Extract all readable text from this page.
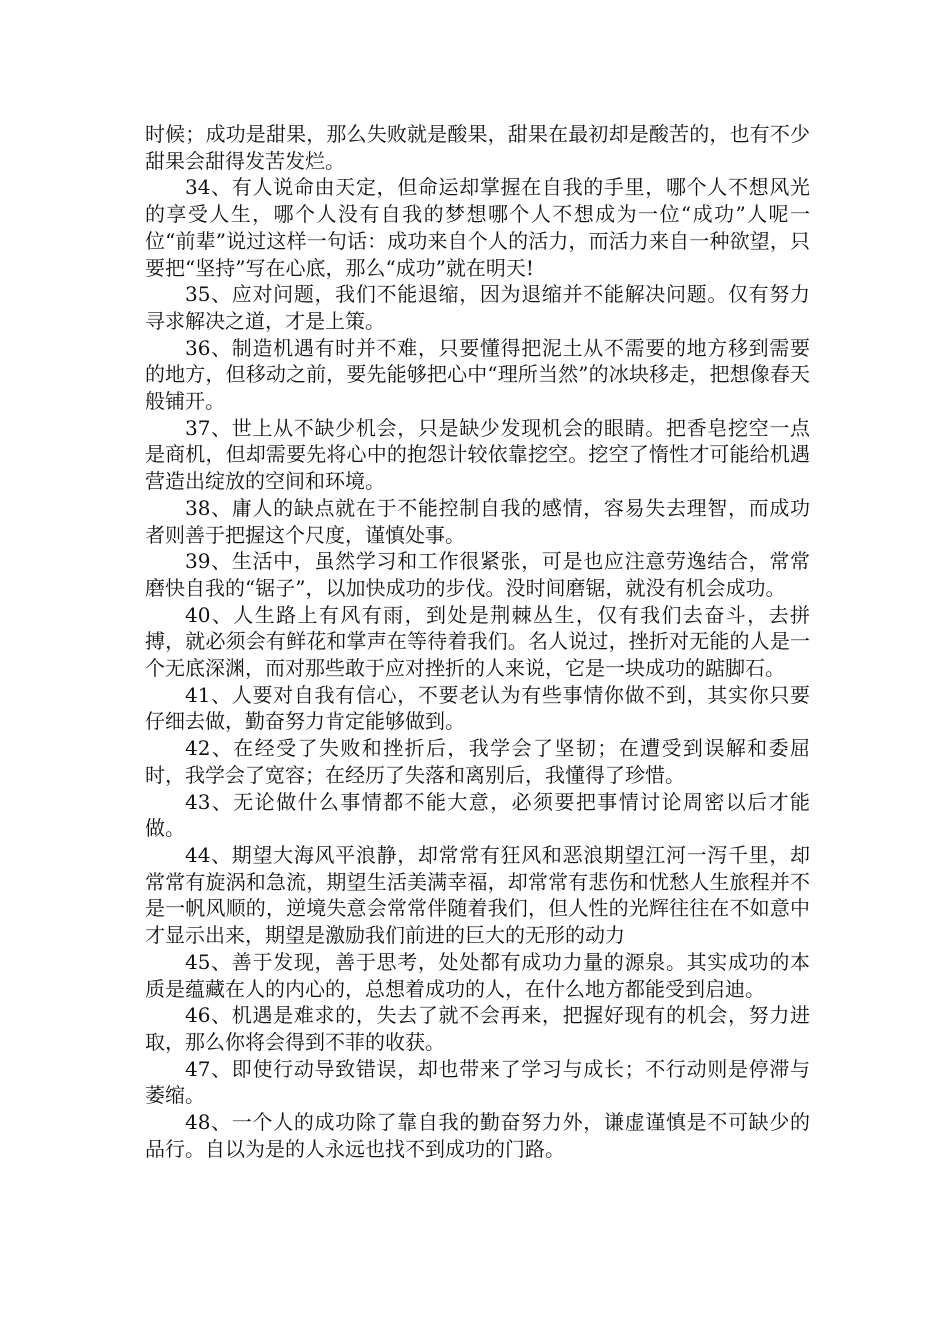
时候；成功是甜果，那么失败就是酸果，甜果在最初却是酸苦的，也有不少甜果会甜得发苦发烂。

34、有人说命由天定，但命运却掌握在自我的手里，哪个人不想风光的享受人生，哪个人没有自我的梦想哪个人不想成为一位“成功”人呢一位“前辈”说过这样一句话：成功来自个人的活力，而活力来自一种欲望，只要把“坚持”写在心底，那么“成功”就在明天!

35、应对问题，我们不能退缩，因为退缩并不能解决问题。仅有努力寻求解决之道，才是上策。

36、制造机遇有时并不难，只要懂得把泥土从不需要的地方移到需要的地方，但移动之前，要先能够把心中“理所当然”的冰块移走，把想像春天般铺开。

37、世上从不缺少机会，只是缺少发现机会的眼睛。把香皂挖空一点是商机，但却需要先将心中的抱怨计较依靠挖空。挖空了惰性才可能给机遇营造出绽放的空间和环境。

38、庸人的缺点就在于不能控制自我的感情，容易失去理智，而成功者则善于把握这个尺度，谨慎处事。

39、生活中，虽然学习和工作很紧张，可是也应注意劳逸结合，常常磨快自我的“锯子”，以加快成功的步伐。没时间磨锯，就没有机会成功。

40、人生路上有风有雨，到处是荆棘丛生，仅有我们去奋斗，去拼搏，就必须会有鲜花和掌声在等待着我们。名人说过，挫折对无能的人是一个无底深渊，而对那些敢于应对挫折的人来说，它是一块成功的踮脚石。

41、人要对自我有信心，不要老认为有些事情你做不到，其实你只要仔细去做，勤奋努力肯定能够做到。

42、在经受了失败和挫折后，我学会了坚韧；在遭受到误解和委屈时，我学会了宽容；在经历了失落和离别后，我懂得了珍惜。

43、无论做什么事情都不能大意，必须要把事情讨论周密以后才能做。

44、期望大海风平浪静，却常常有狂风和恶浪期望江河一泻千里，却常常有旋涡和急流，期望生活美满幸福，却常常有悲伤和忧愁人生旅程并不是一帆风顺的，逆境失意会常常伴随着我们，但人性的光辉往往在不如意中才显示出来，期望是激励我们前进的巨大的无形的动力

45、善于发现，善于思考，处处都有成功力量的源泉。其实成功的本质是蕴藏在人的内心的，总想着成功的人，在什么地方都能受到启迪。

46、机遇是难求的，失去了就不会再来，把握好现有的机会，努力进取，那么你将会得到不菲的收获。

47、即使行动导致错误，却也带来了学习与成长；不行动则是停滞与萎缩。

48、一个人的成功除了靠自我的勤奋努力外，谦虚谨慎是不可缺少的品行。自以为是的人永远也找不到成功的门路。
